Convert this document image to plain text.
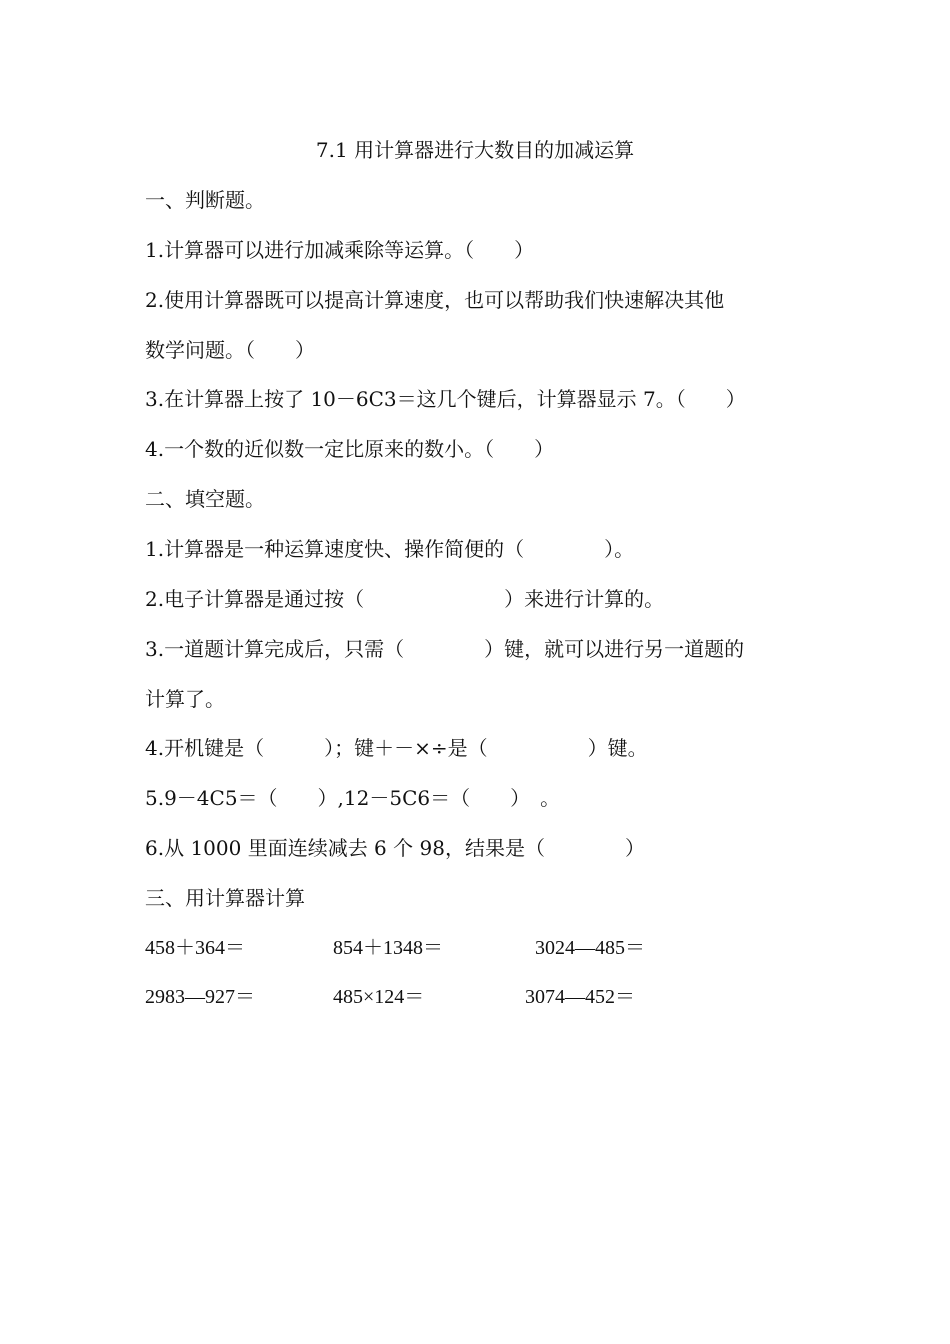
7.1 用计算器进行大数目的加减运算
一、判断题。
1.计算器可以进行加减乘除等运算。（　　）
2.使用计算器既可以提高计算速度，也可以帮助我们快速解决其他
数学问题。（　　）
3.在计算器上按了 10－6C3＝这几个键后，计算器显示 7。（　　）
4.一个数的近似数一定比原来的数小。（　　）
二、填空题。
1.计算器是一种运算速度快、操作简便的（　　　　）。
2.电子计算器是通过按（　　　　　　　）来进行计算的。
3.一道题计算完成后，只需（　　　　）键，就可以进行另一道题的
计算了。
4.开机键是（　　　）；键＋－×÷是（　　　　　）键。
5.9－4C5＝（　　）,12－5C6＝（　　）　。
6.从 1000 里面连续减去 6 个 98，结果是（　　　　）
三、用计算器计算
458＋364＝	854＋1348＝	3024—485＝
2983—927＝	485×124＝	3074—452＝
